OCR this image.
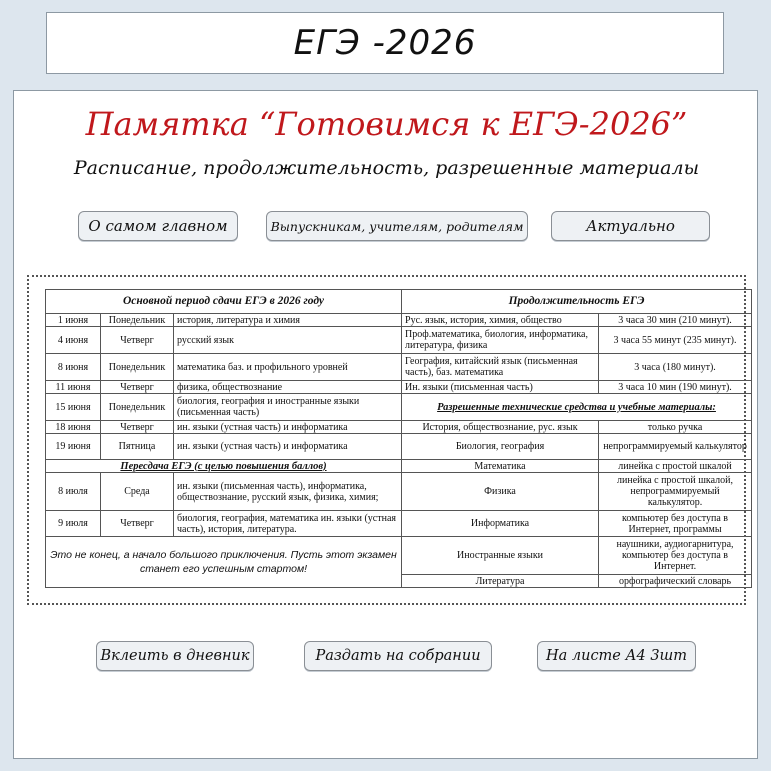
ЕГЭ -2026
Памятка “Готовимся к ЕГЭ-2026”
Расписание, продолжительность, разрешенные материалы
О самом главном	Выпускникам, учителям, родителям	Актуально
Основной период сдачи ЕГЭ в 2026 году			Продолжительность ЕГЭ	
1 июня	Понедельник	история, литература и химия	Рус. язык, история, химия, общество	3 часа 30 мин (210 минут).
4 июня	Четверг	русский язык	Проф.математика, биология, информатика, литература, физика	3 часа 55 минут (235 минут).
8 июня	Понедельник	математика баз. и профильного уровней	География, китайский язык (письменная часть), баз. математика	3 часа (180 минут).
11 июня	Четверг	физика, обществознание	Ин. языки (письменная часть)	3 часа 10 мин (190 минут).
15 июня	Понедельник	биология, география и иностранные языки (письменная часть)	Разрешенные технические средства и учебные материалы:	
18 июня	Четверг	ин. языки (устная часть) и информатика	История, обществознание, рус. язык	только ручка
19 июня	Пятница	ин. языки (устная часть) и информатика	Биология, география	непрограммируемый калькулятор
Пересдача ЕГЭ (с целью повышения баллов)			Математика	линейка с простой шкалой
8 июля	Среда	ин. языки (письменная часть), информатика, обществознание, русский язык, физика, химия;	Физика	линейка с простой шкалой, непрограммируемый калькулятор.
9 июля	Четверг	биология, география, математика ин. языки (устная часть), история, литература.	Информатика	компьютер без доступа в Интернет, программы
Это не конец, а начало большого приключения. Пусть этот экзамен станет его успешным стартом!			Иностранные языки	наушники, аудиогарнитура, компьютер без доступа в Интернет.
			Литература	орфографический словарь
Вклеить в дневник	Раздать на собрании	На листе А4 3шт
